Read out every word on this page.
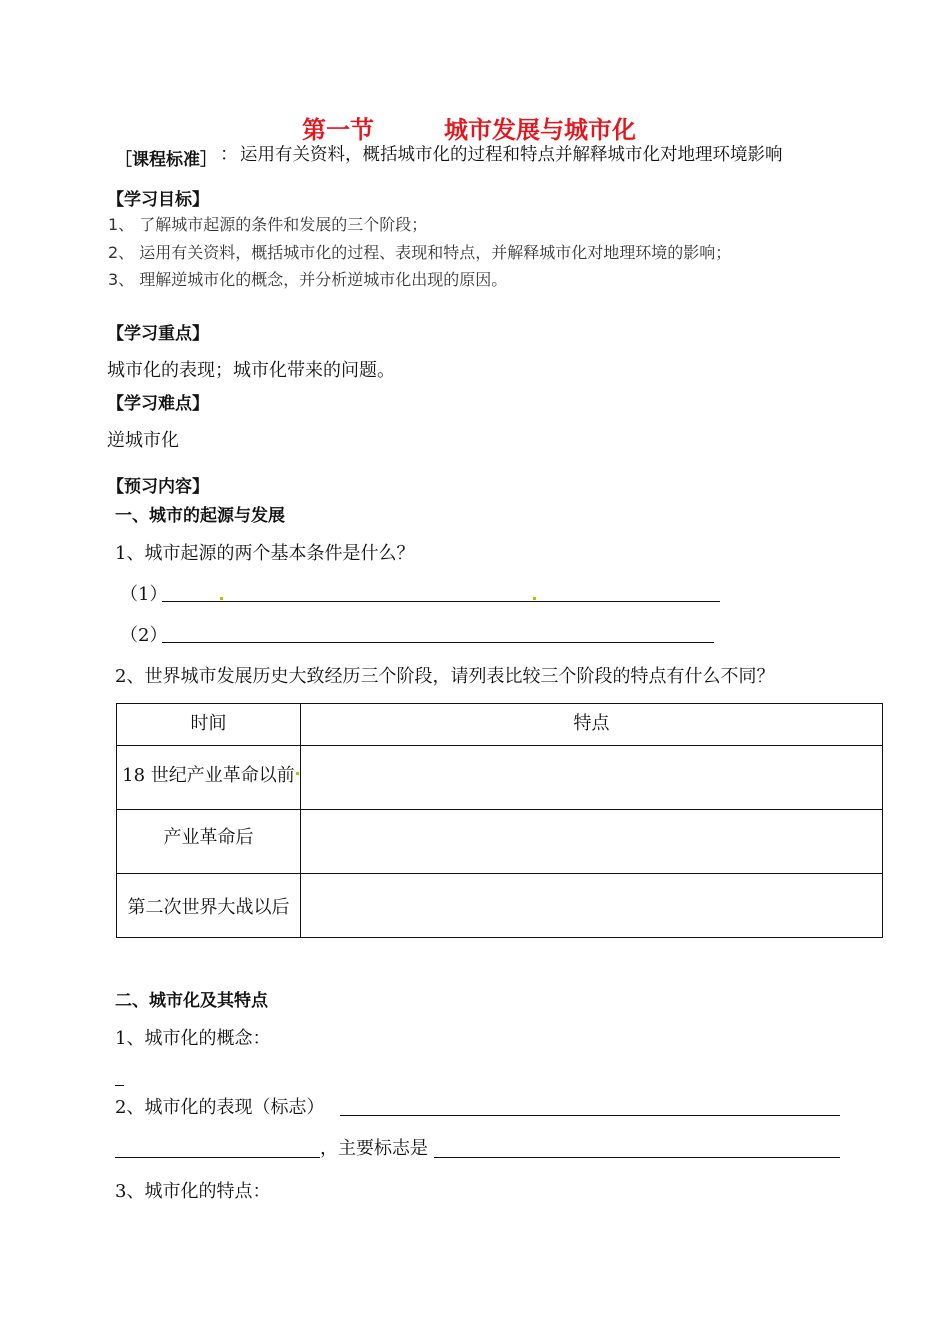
第一节	城市发展与城市化
［课程标准］ ： 运用有关资料，概括城市化的过程和特点并解释城市化对地理环境影响
【学习目标】
1、 了解城市起源的条件和发展的三个阶段；
2、 运用有关资料，概括城市化的过程、表现和特点，并解释城市化对地理环境的影响；
3、 理解逆城市化的概念，并分析逆城市化出现的原因。
【学习重点】
城市化的表现；城市化带来的问题。
【学习难点】
逆城市化
【预习内容】
一、城市的起源与发展
1、城市起源的两个基本条件是什么？
（1）
（2）
2、世界城市发展历史大致经历三个阶段，请列表比较三个阶段的特点有什么不同？
时间	特点
18 世纪产业革命以前	
产业革命后	
第二次世界大战以后	
二、城市化及其特点
1、城市化的概念：
2、城市化的表现（标志）
，主要标志是
3、城市化的特点：
